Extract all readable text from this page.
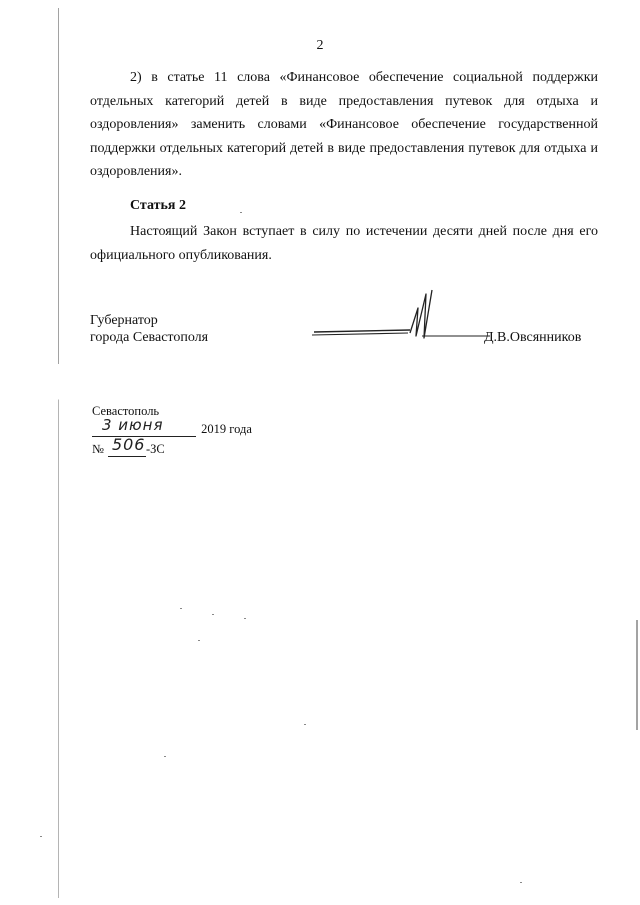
2
2) в статье 11 слова «Финансовое обеспечение социальной поддержки отдельных категорий детей в виде предоставления путевок для отдыха и оздоровления» заменить словами «Финансовое обеспечение государственной поддержки отдельных категорий детей в виде предоставления путевок для отдыха и оздоровления».
Статья 2
Настоящий Закон вступает в силу по истечении десяти дней после дня его официального опубликования.
Губернатор
города Севастополя	Д.В.Овсянников
Севастополь
3 июня	2019 года
№ 506 -ЗС
